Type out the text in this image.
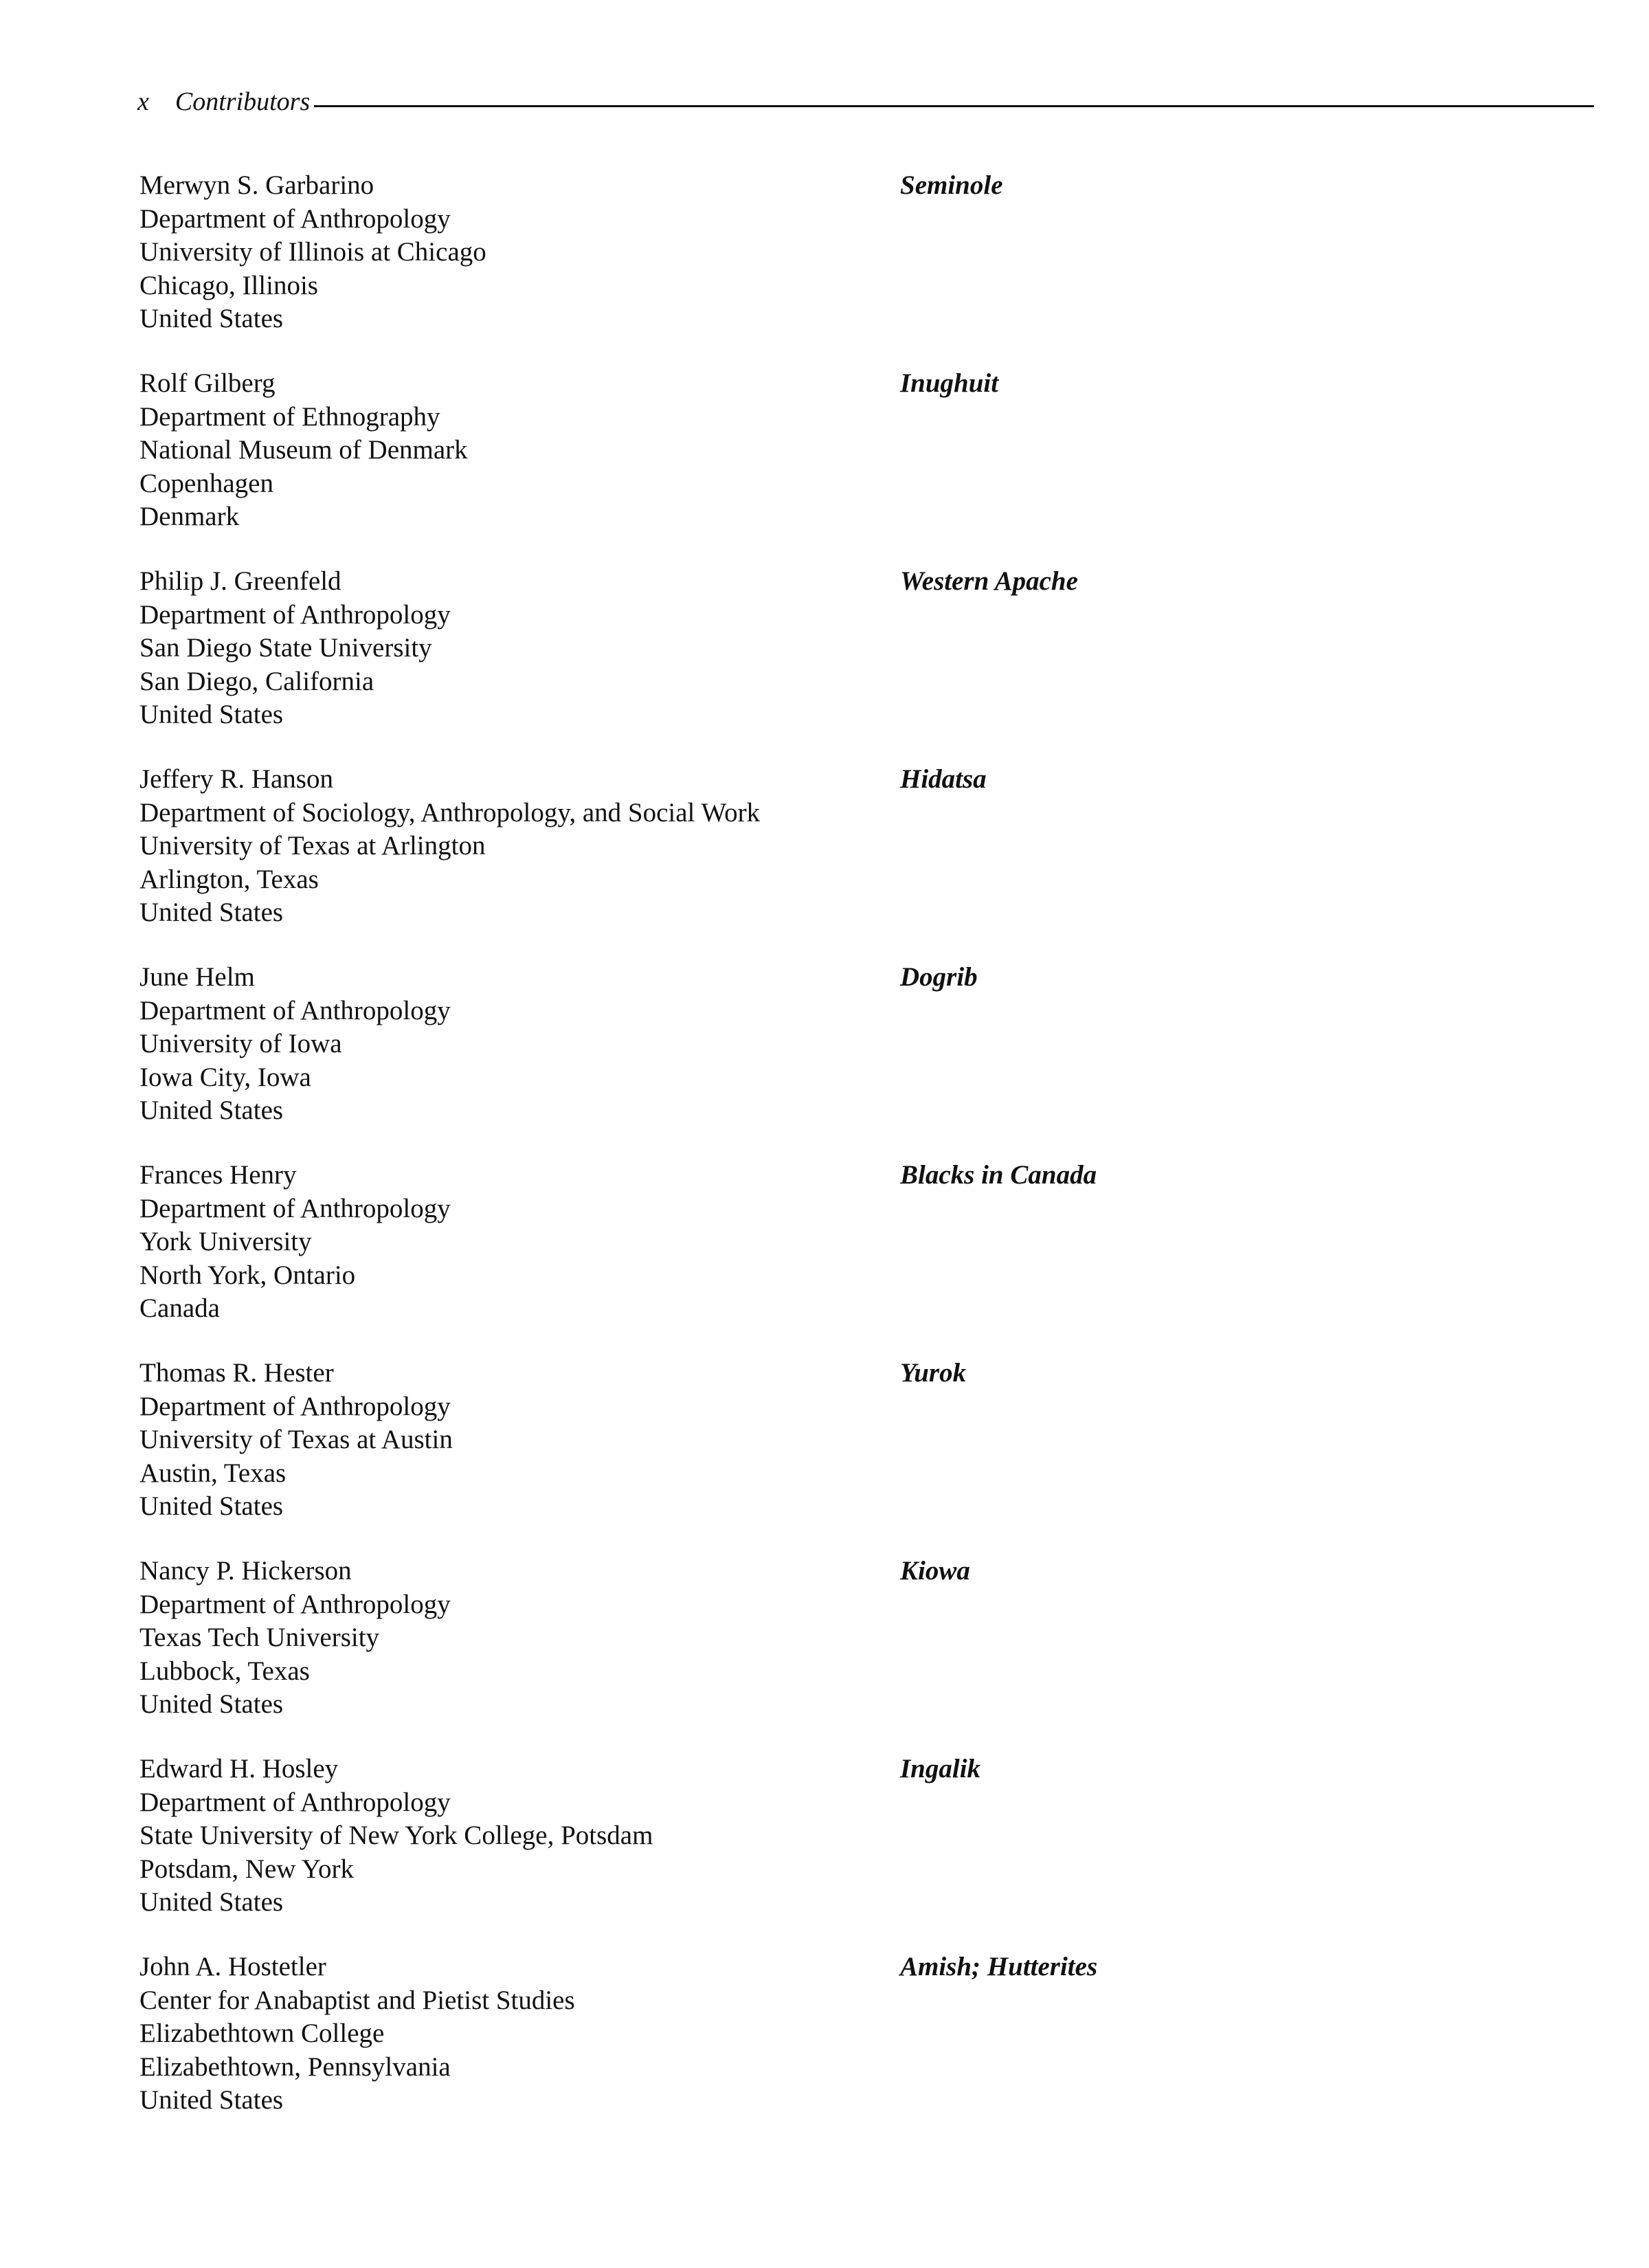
x Contributors
Merwyn S. Garbarino
Department of Anthropology
University of Illinois at Chicago
Chicago, Illinois
United States
Seminole
Rolf Gilberg
Department of Ethnography
National Museum of Denmark
Copenhagen
Denmark
Inughuit
Philip J. Greenfeld
Department of Anthropology
San Diego State University
San Diego, California
United States
Western Apache
Jeffery R. Hanson
Department of Sociology, Anthropology, and Social Work
University of Texas at Arlington
Arlington, Texas
United States
Hidatsa
June Helm
Department of Anthropology
University of Iowa
Iowa City, Iowa
United States
Dogrib
Frances Henry
Department of Anthropology
York University
North York, Ontario
Canada
Blacks in Canada
Thomas R. Hester
Department of Anthropology
University of Texas at Austin
Austin, Texas
United States
Yurok
Nancy P. Hickerson
Department of Anthropology
Texas Tech University
Lubbock, Texas
United States
Kiowa
Edward H. Hosley
Department of Anthropology
State University of New York College, Potsdam
Potsdam, New York
United States
Ingalik
John A. Hostetler
Center for Anabaptist and Pietist Studies
Elizabethtown College
Elizabethtown, Pennsylvania
United States
Amish; Hutterites
